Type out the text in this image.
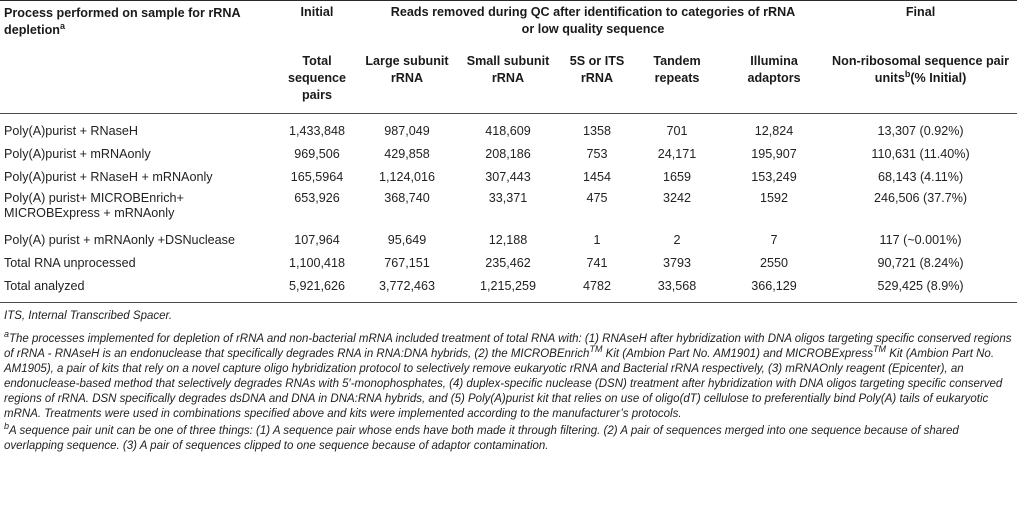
Process performed on sample for rRNA depletion$^a$	Initial	Reads removed during QC after identification to categories of rRNA or low quality sequence					Final
	Total sequence pairs	Large subunit rRNA	Small subunit rRNA	5S or ITS rRNA	Tandem repeats	Illumina adaptors	Non-ribosomal sequence pair units$^b$(% Initial)
Poly(A)purist + RNaseH	1,433,848	987,049	418,609	1358	701	12,824	13,307 (0.92%)
Poly(A)purist + mRNAonly	969,506	429,858	208,186	753	24,171	195,907	110,631 (11.40%)
Poly(A)purist + RNaseH + mRNAonly	165,5964	1,124,016	307,443	1454	1659	153,249	68,143 (4.11%)
Poly(A) purist+ MICROBEnrich+ MICROBExpress + mRNAonly	653,926	368,740	33,371	475	3242	1592	246,506 (37.7%)
Poly(A) purist + mRNAonly +DSNuclease	107,964	95,649	12,188	1	2	7	117 (~0.001%)
Total RNA unprocessed	1,100,418	767,151	235,462	741	3793	2550	90,721 (8.24%)
Total analyzed	5,921,626	3,772,463	1,215,259	4782	33,568	366,129	529,425 (8.9%)

ITS, Internal Transcribed Spacer.

$^a$The processes implemented for depletion of rRNA and non-bacterial mRNA included treatment of total RNA with: (1) RNAseH after hybridization with DNA oligos targeting specific conserved regions of rRNA - RNAseH is an endonuclease that specifically degrades RNA in RNA:DNA hybrids, (2) the MICROBEnrich™ Kit (Ambion Part No. AM1901) and MICROBExpress™ Kit (Ambion Part No. AM1905), a pair of kits that rely on a novel capture oligo hybridization protocol to selectively remove eukaryotic rRNA and Bacterial rRNA respectively, (3) mRNAOnly reagent (Epicenter), an endonuclease-based method that selectively degrades RNAs with 5′-monophosphates, (4) duplex-specific nuclease (DSN) treatment after hybridization with DNA oligos targeting specific conserved regions of rRNA. DSN specifically degrades dsDNA and DNA in DNA:RNA hybrids, and (5) Poly(A)purist kit that relies on use of oligo(dT) cellulose to preferentially bind Poly(A) tails of eukaryotic mRNA. Treatments were used in combinations specified above and kits were implemented according to the manufacturer’s protocols.

$^b$A sequence pair unit can be one of three things: (1) A sequence pair whose ends have both made it through filtering. (2) A pair of sequences merged into one sequence because of shared overlapping sequence. (3) A pair of sequences clipped to one sequence because of adaptor contamination.
